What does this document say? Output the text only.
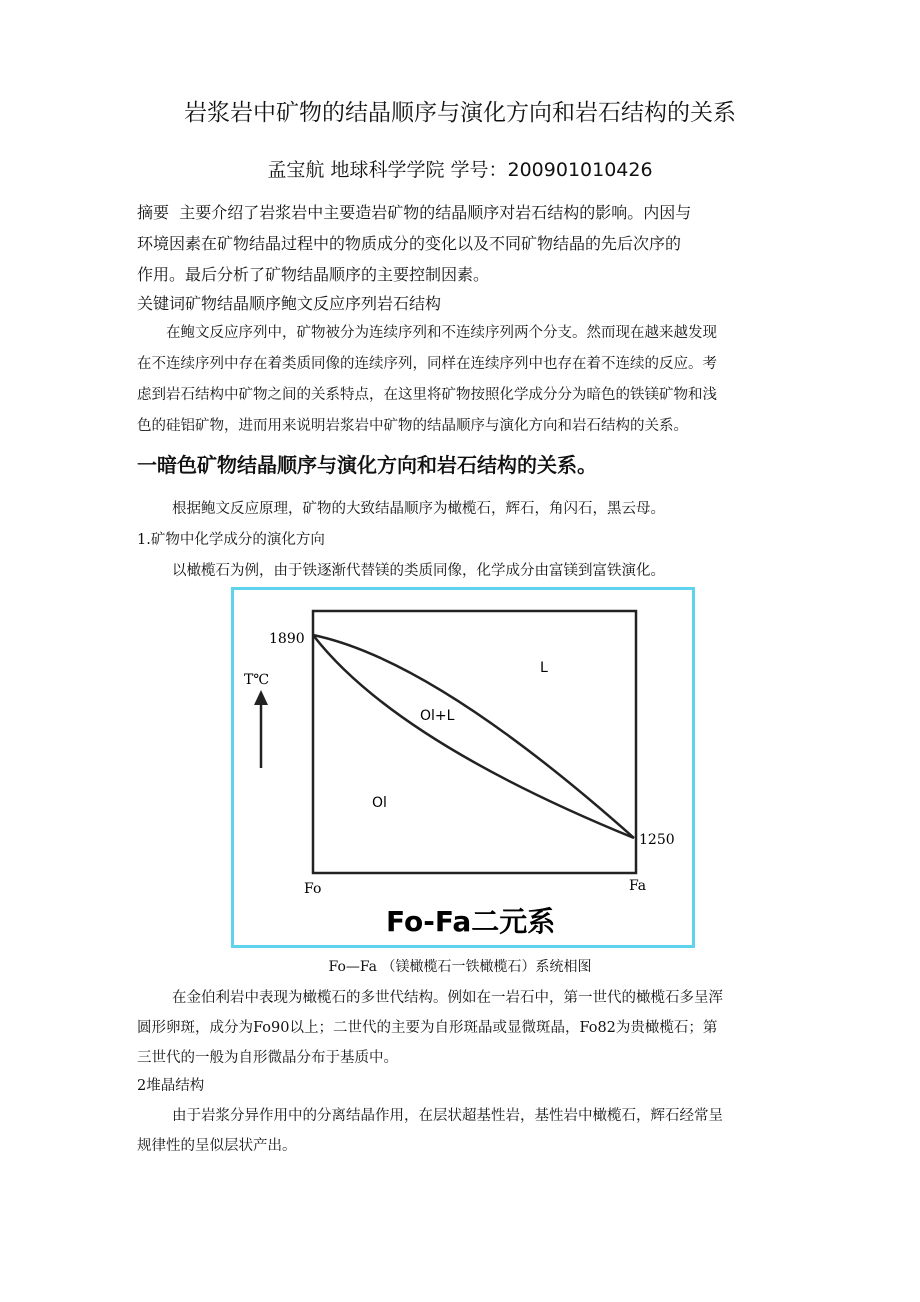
岩浆岩中矿物的结晶顺序与演化方向和岩石结构的关系
孟宝航 地球科学学院 学号：200901010426
摘要 主要介绍了岩浆岩中主要造岩矿物的结晶顺序对岩石结构的影响。内因与
环境因素在矿物结晶过程中的物质成分的变化以及不同矿物结晶的先后次序的
作用。最后分析了矿物结晶顺序的主要控制因素。
关键词矿物结晶顺序鲍文反应序列岩石结构
在鲍文反应序列中，矿物被分为连续序列和不连续序列两个分支。然而现在越来越发现
在不连续序列中存在着类质同像的连续序列，同样在连续序列中也存在着不连续的反应。考
虑到岩石结构中矿物之间的关系特点，在这里将矿物按照化学成分分为暗色的铁镁矿物和浅
色的硅铝矿物，进而用来说明岩浆岩中矿物的结晶顺序与演化方向和岩石结构的关系。
一暗色矿物结晶顺序与演化方向和岩石结构的关系。
根据鲍文反应原理，矿物的大致结晶顺序为橄榄石，辉石，角闪石，黑云母。
1.矿物中化学成分的演化方向
以橄榄石为例，由于铁逐渐代替镁的类质同像，化学成分由富镁到富铁演化。
1890
1250
T℃
L
Ol+L
Ol
Fo	Fa
Fo-Fa二元系
Fo—Fa （镁橄榄石一铁橄榄石）系统相图
在金伯利岩中表现为橄榄石的多世代结构。例如在一岩石中，第一世代的橄榄石多呈浑
圆形卵斑，成分为Fo90以上；二世代的主要为自形斑晶或显微斑晶，Fo82为贵橄榄石；第
三世代的一般为自形微晶分布于基质中。
2堆晶结构
由于岩浆分异作用中的分离结晶作用，在层状超基性岩，基性岩中橄榄石，辉石经常呈
规律性的呈似层状产出。
